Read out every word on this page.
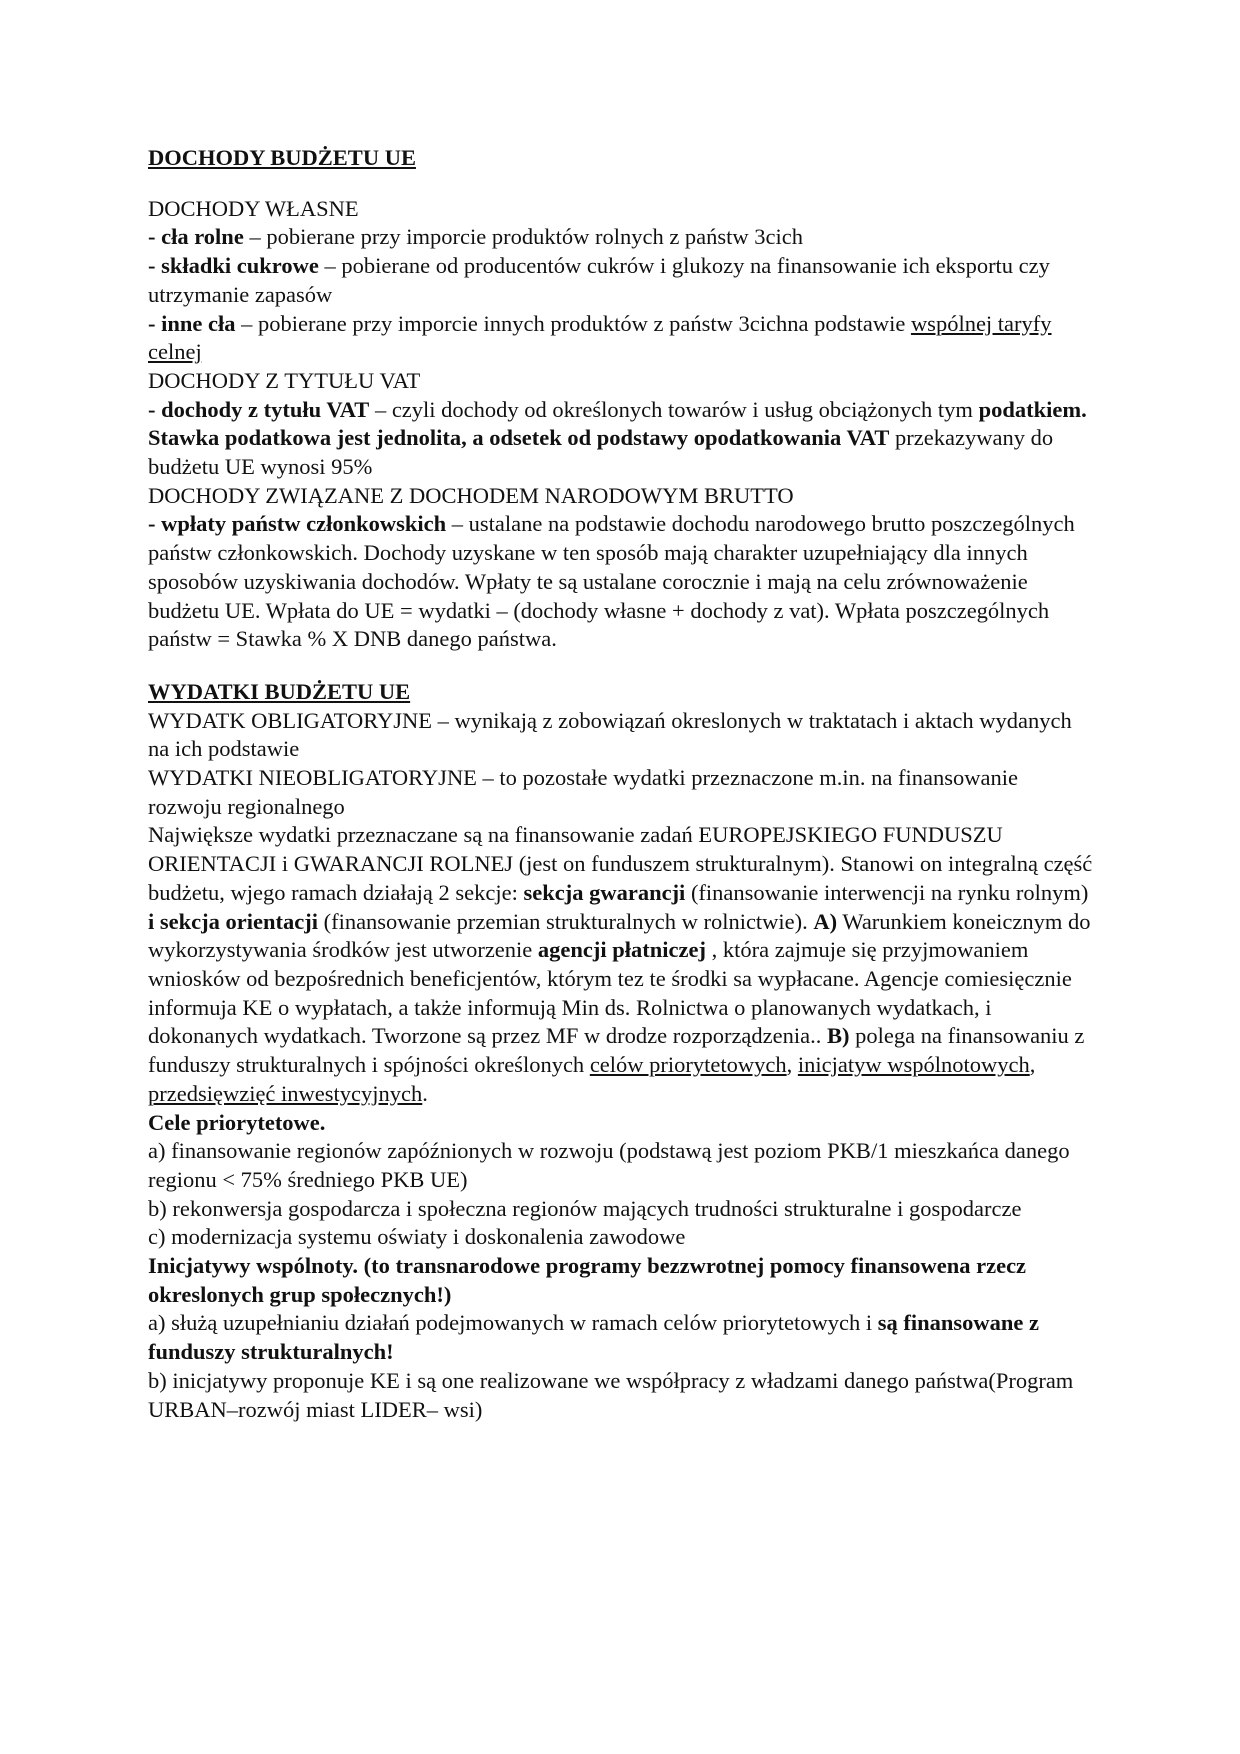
DOCHODY BUDŻETU UE

DOCHODY WŁASNE

- cła rolne – pobierane przy imporcie produktów rolnych z państw 3cich

- składki cukrowe – pobierane od producentów cukrów i glukozy na finansowanie ich eksportu czy utrzymanie zapasów

- inne cła – pobierane przy imporcie innych produktów z państw 3cichna podstawie wspólnej taryfy celnej

DOCHODY Z TYTUŁU VAT

- dochody z tytułu VAT – czyli dochody od określonych towarów i usług obciążonych tym podatkiem. Stawka podatkowa jest jednolita, a odsetek od podstawy opodatkowania VAT przekazywany do budżetu UE wynosi 95%

DOCHODY ZWIĄZANE Z DOCHODEM NARODOWYM BRUTTO

- wpłaty państw członkowskich – ustalane na podstawie dochodu narodowego brutto poszczególnych państw członkowskich. Dochody uzyskane w ten sposób mają charakter uzupełniający dla innych sposobów uzyskiwania dochodów. Wpłaty te są ustalane corocznie i mają na celu zrównoważenie budżetu UE. Wpłata do UE = wydatki – (dochody własne + dochody z vat). Wpłata poszczególnych państw = Stawka % X DNB danego państwa.

WYDATKI BUDŻETU UE

WYDATK OBLIGATORYJNE – wynikają z zobowiązań okreslonych w traktatach i aktach wydanych na ich podstawie

WYDATKI NIEOBLIGATORYJNE – to pozostałe wydatki przeznaczone m.in. na finansowanie rozwoju regionalnego

Największe wydatki przeznaczane są na finansowanie zadań EUROPEJSKIEGO FUNDUSZU ORIENTACJI i GWARANCJI ROLNEJ (jest on funduszem strukturalnym). Stanowi on integralną część budżetu, wjego ramach działają 2 sekcje: sekcja gwarancji (finansowanie interwencji na rynku rolnym) i sekcja orientacji (finansowanie przemian strukturalnych w rolnictwie). A) Warunkiem koneicznym do wykorzystywania środków jest utworzenie agencji płatniczej , która zajmuje się przyjmowaniem wniosków od bezpośrednich beneficjentów, którym tez te środki sa wypłacane. Agencje comiesięcznie informuja KE o wypłatach, a także informują Min ds. Rolnictwa o planowanych wydatkach, i dokonanych wydatkach. Tworzone są przez MF w drodze rozporządzenia.. B) polega na finansowaniu z funduszy strukturalnych i spójności określonych celów priorytetowych, inicjatyw wspólnotowych, przedsięwzięć inwestycyjnych.

Cele priorytetowe.

a) finansowanie regionów zapóźnionych w rozwoju (podstawą jest poziom PKB/1 mieszkańca danego regionu < 75% średniego PKB UE)

b) rekonwersja gospodarcza i społeczna regionów mających trudności strukturalne i gospodarcze

c) modernizacja systemu oświaty i doskonalenia zawodowe

Inicjatywy wspólnoty. (to transnarodowe programy bezzwrotnej pomocy finansowena rzecz okreslonych grup społecznych!)

a) służą uzupełnianiu działań podejmowanych w ramach celów priorytetowych i są finansowane z funduszy strukturalnych!

b) inicjatywy proponuje KE i są one realizowane we współpracy z władzami danego państwa(Program URBAN–rozwój miast LIDER– wsi)
